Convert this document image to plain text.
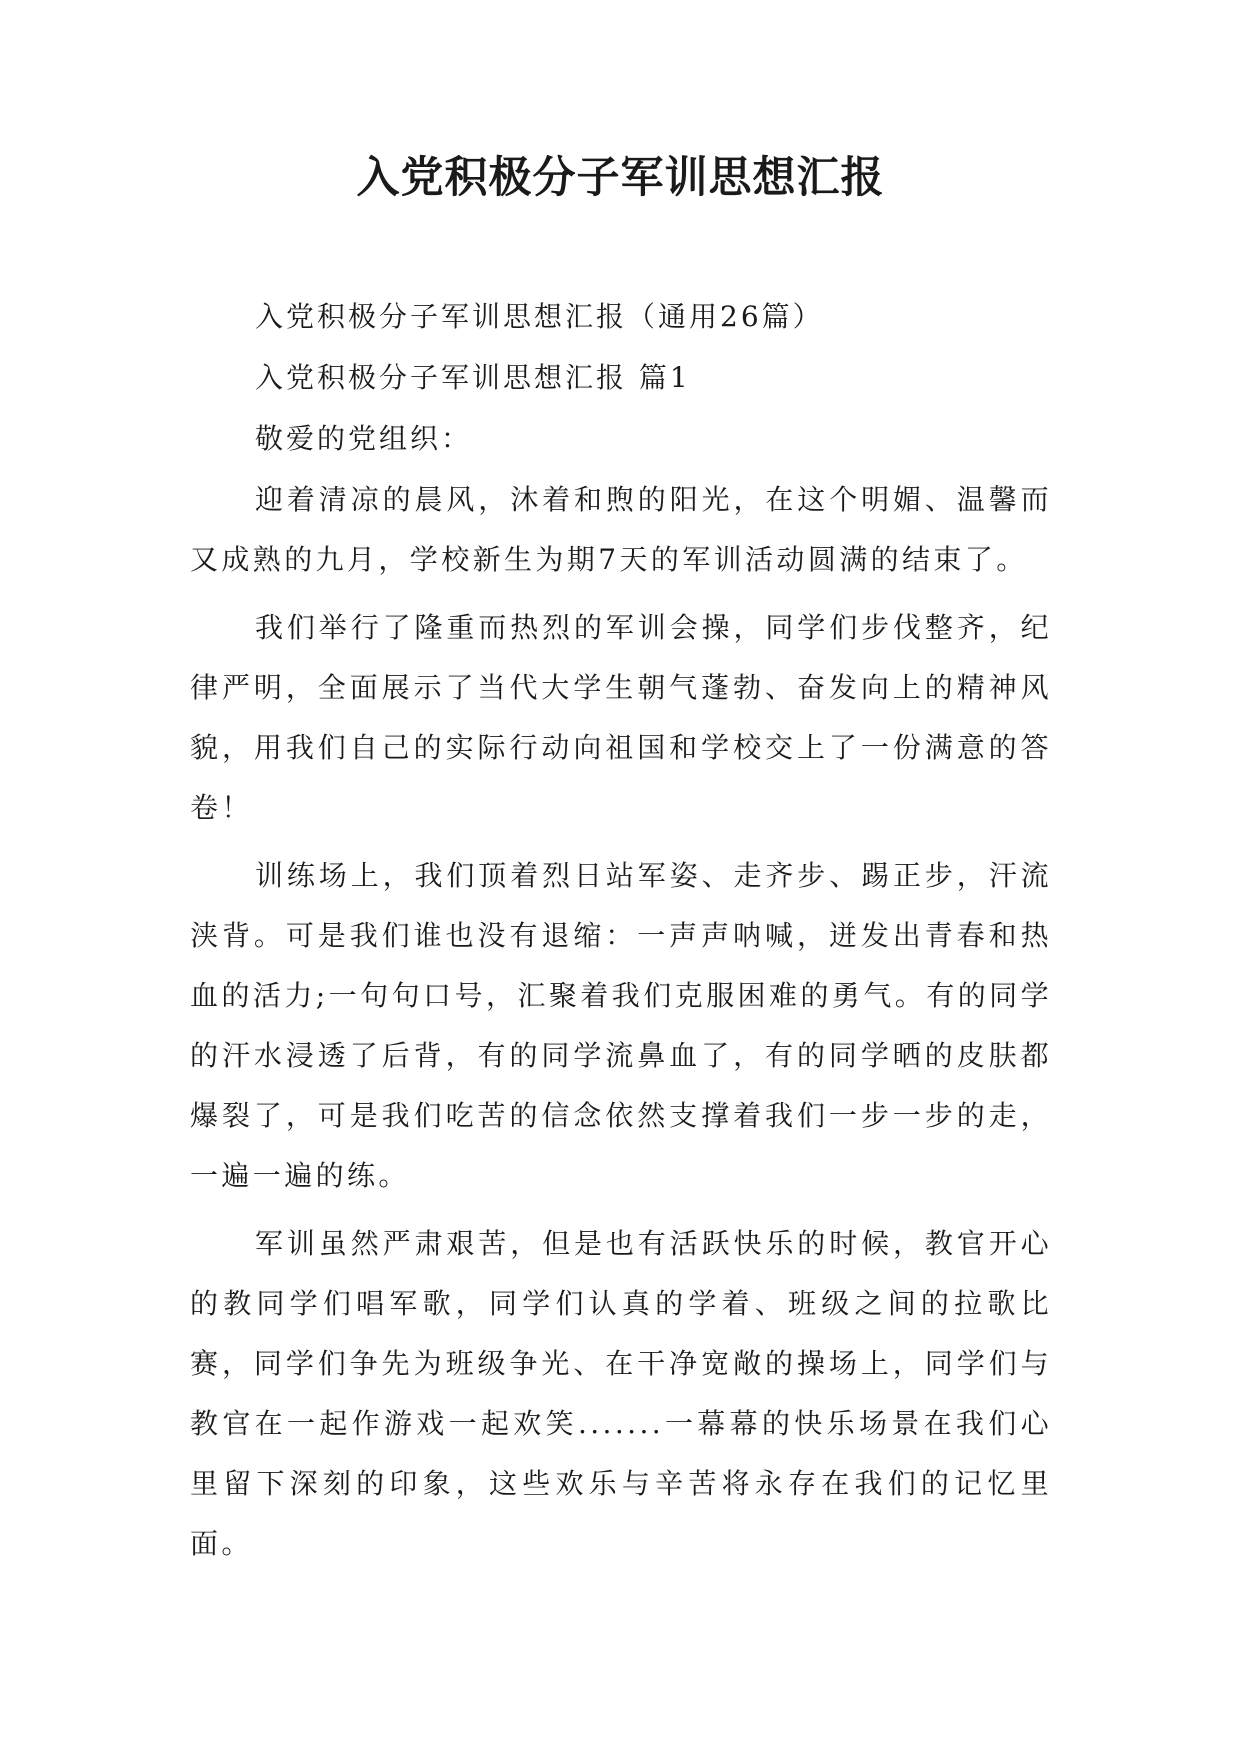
入党积极分子军训思想汇报

入党积极分子军训思想汇报（通用26篇）

入党积极分子军训思想汇报 篇1

敬爱的党组织：

迎着清凉的晨风，沐着和煦的阳光，在这个明媚、温馨而又成熟的九月，学校新生为期7天的军训活动圆满的结束了。

我们举行了隆重而热烈的军训会操，同学们步伐整齐，纪律严明，全面展示了当代大学生朝气蓬勃、奋发向上的精神风貌，用我们自己的实际行动向祖国和学校交上了一份满意的答卷！

训练场上，我们顶着烈日站军姿、走齐步、踢正步，汗流浃背。可是我们谁也没有退缩：一声声呐喊，迸发出青春和热血的活力;一句句口号，汇聚着我们克服困难的勇气。有的同学的汗水浸透了后背，有的同学流鼻血了，有的同学晒的皮肤都爆裂了，可是我们吃苦的信念依然支撑着我们一步一步的走，一遍一遍的练。

军训虽然严肃艰苦，但是也有活跃快乐的时候，教官开心的教同学们唱军歌，同学们认真的学着、班级之间的拉歌比赛，同学们争先为班级争光、在干净宽敞的操场上，同学们与教官在一起作游戏一起欢笑.......一幕幕的快乐场景在我们心里留下深刻的印象，这些欢乐与辛苦将永存在我们的记忆里面。
